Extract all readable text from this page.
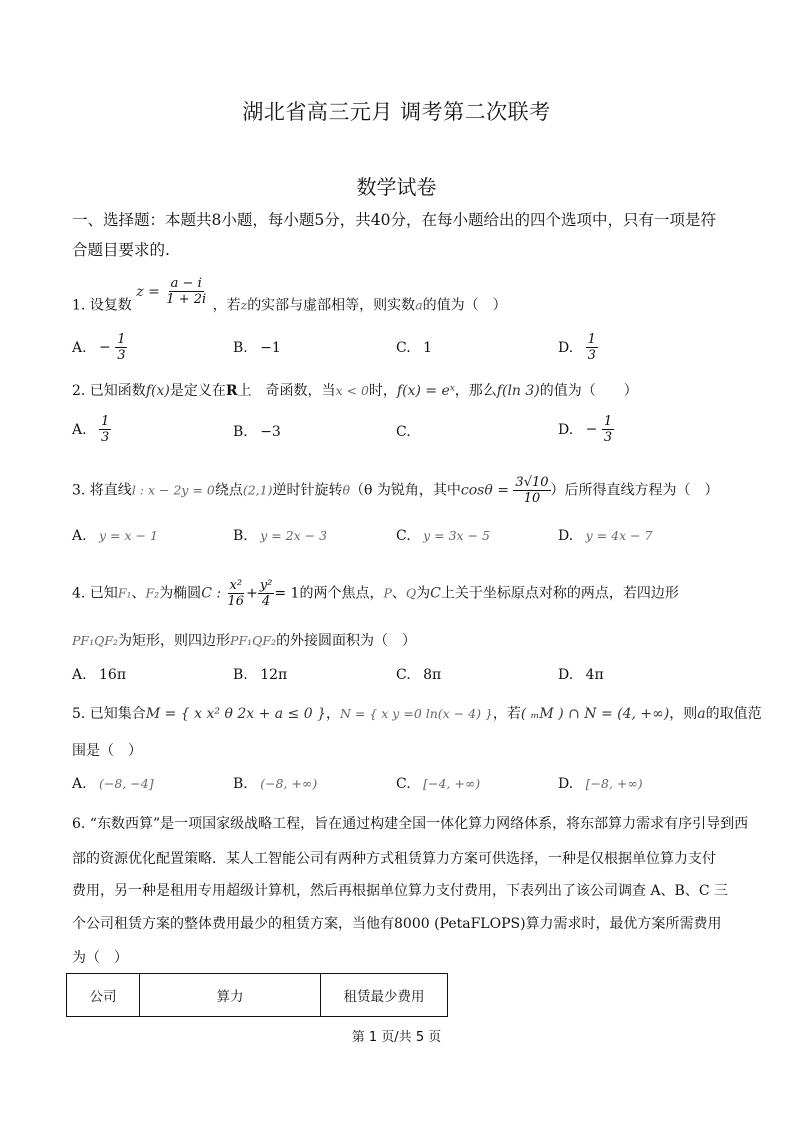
湖北省高三元月 调考第二次联考
数学试卷
一、选择题：本题共8小题，每小题5分，共40分，在每小题给出的四个选项中，只有一项是符合题目要求的.
1. 设复数 $z = \frac{a - i}{1 + 2i}$ ，若z的实部与虚部相等，则实数a的值为（　）
A. − $\frac{1}{3}$	B. −1	C. 1	D. $\frac{1}{3}$
2. 已知函数f(x)是定义在R上　奇函数，当x < 0时，f(x) = eˣ，那么f(ln 3)的值为（　　）
A. $\frac{1}{3}$	B. −3	C.	D. − $\frac{1}{3}$
3. 将直线l : x − 2y = 0绕点(2,1)逆时针旋转θ（θ 为锐角，其中$\cos\theta = \frac{3√10}{10}$ ）后所得直线方程为（　）
A. y = x − 1	B. y = 2x − 3	C. y = 3x − 5	D. y = 4x − 7
4. 已知F₁、F₂为椭圆C : $\frac{\text{x²}}{16} + \frac{\text{y²}}{4} = 1$的两个焦点，P、Q为C上关于坐标原点对称的两点，若四边形
PF₁QF₂为矩形，则四边形PF₁QF₂的外接圆面积为（　）
A. 16π	B. 12π	C. 8π	D. 4π
5. 已知集合M = { x x² θ 2x + a ≤ 0 }，N = { x y =0 ln(x − 4) }，若( ₘM ) ∩ N = (4, +∞)，则a的取值范
围是（　）
A. (−8, −4]	B. (−8, +∞)	C. [−4, +∞)	D. [−8, +∞)
6. “东数西算”是一项国家级战略工程，旨在通过构建全国一体化算力网络体系，将东部算力需求有序引导到西
部的资源优化配置策略．某人工智能公司有两种方式租赁算力方案可供选择，一种是仅根据单位算力支付
费用，另一种是租用专用超级计算机，然后再根据单位算力支付费用，下表列出了该公司调查 A、B、C 三
个公司租赁方案的整体费用最少的租赁方案，当他有8000 (PetaFLOPS)算力需求时，最优方案所需费用
为（　）
公司	算力	租赁最少费用
第 1 页/共 5 页
